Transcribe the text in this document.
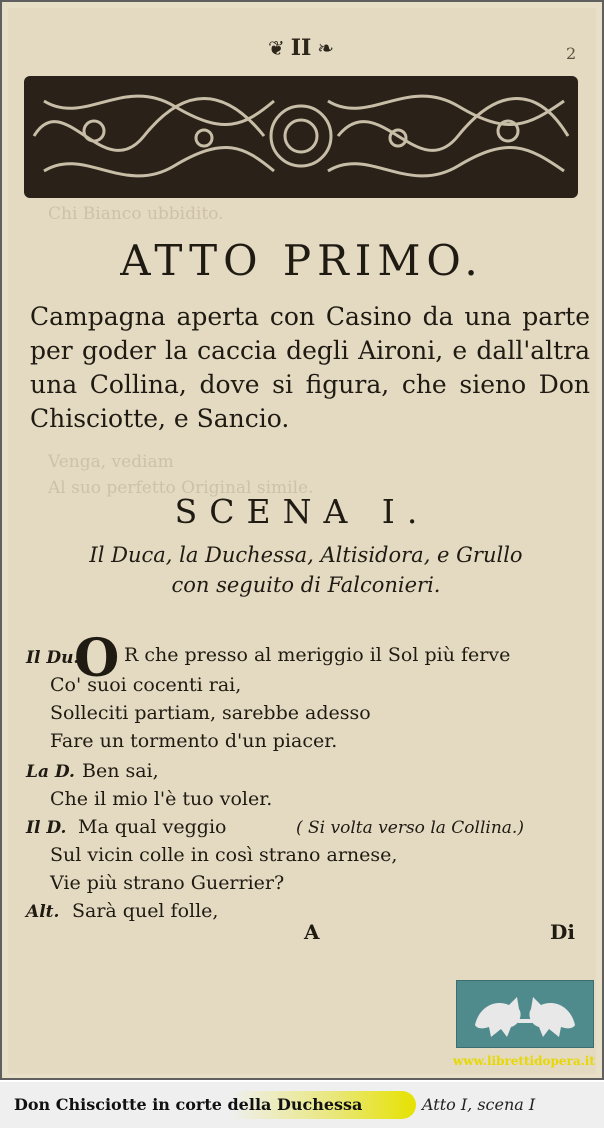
Chi Bianco ubbidito.
Venga, vediam
Al suo perfetto Original simile.
❦ II ❧	2
ATTO PRIMO.
Campagna aperta con Casino da una parte per goder la caccia degli Aironi, e dall'altra una Collina, dove si figura, che sieno Don Chisciotte, e Sancio.
SCENA I.
Il Duca, la Duchessa, Altisidora, e Grullo
con seguito di Falconieri.
Il Du.
O R che presso al meriggio il Sol più ferve
Co' suoi cocenti rai,
Solleciti partiam, sarebbe adesso
Fare un tormento d'un piacer.
La D. Ben sai,
Che il mio l'è tuo voler.
Il D. Ma qual veggio	( Si volta verso la Collina.)
Sul vicin colle in così strano arnese,
Vie più strano Guerrier?
Alt. Sarà quel folle,
A	Di
www.librettidopera.it
Don Chisciotte in corte della Duchessa	Atto I, scena I
